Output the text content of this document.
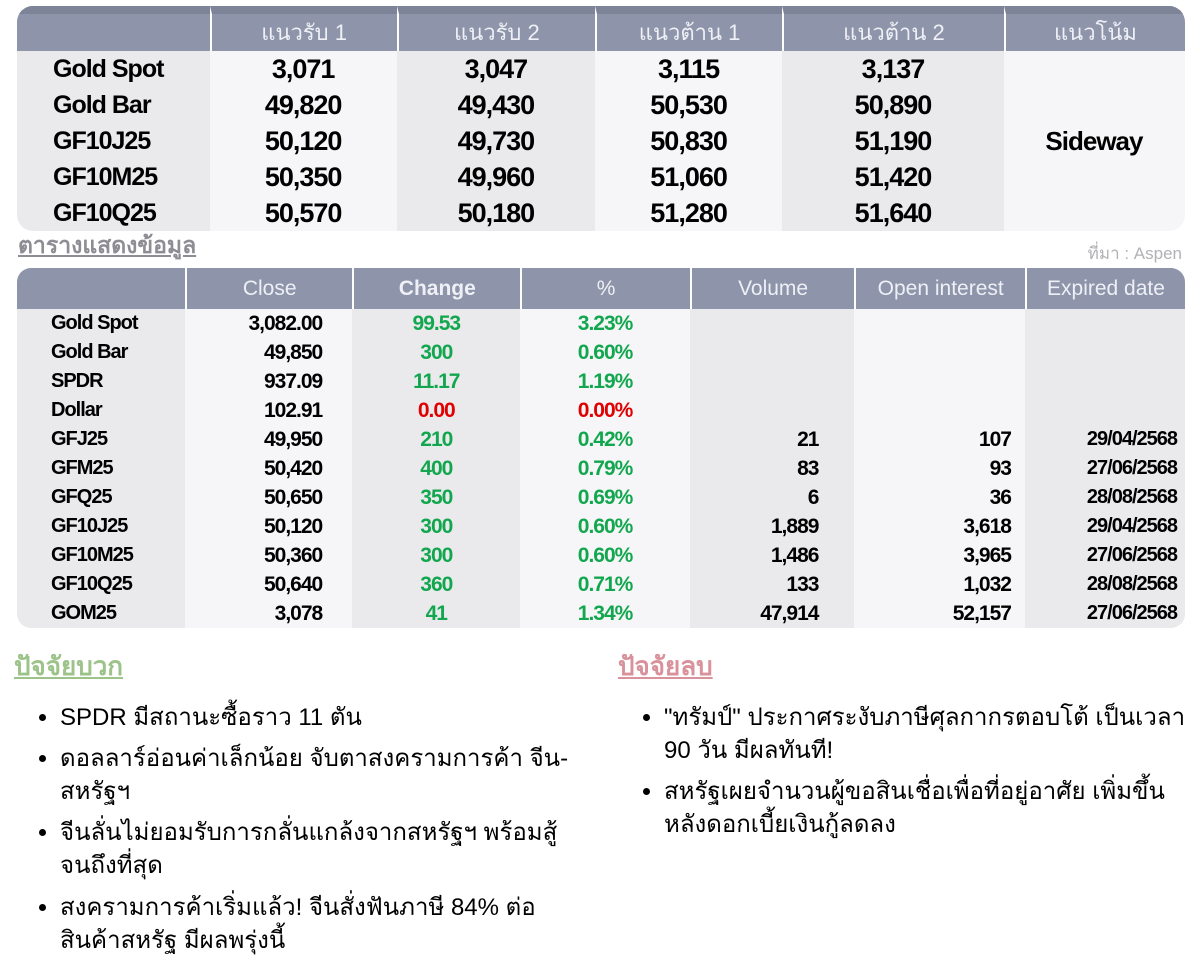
	แนวรับ 1	แนวรับ 2	แนวต้าน 1	แนวต้าน 2	แนวโน้ม
Gold Spot	3,071	3,047	3,115	3,137	Sideway
Gold Bar	49,820	49,430	50,530	50,890	
GF10J25	50,120	49,730	50,830	51,190	
GF10M25	50,350	49,960	51,060	51,420	
GF10Q25	50,570	50,180	51,280	51,640	
ตารางแสดงข้อมูล	ที่มา : Aspen
	Close	Change	%	Volume	Open interest	Expired date
Gold Spot	3,082.00	99.53	3.23%			
Gold Bar	49,850	300	0.60%			
SPDR	937.09	11.17	1.19%			
Dollar	102.91	0.00	0.00%			
GFJ25	49,950	210	0.42%	21	107	29/04/2568
GFM25	50,420	400	0.79%	83	93	27/06/2568
GFQ25	50,650	350	0.69%	6	36	28/08/2568
GF10J25	50,120	300	0.60%	1,889	3,618	29/04/2568
GF10M25	50,360	300	0.60%	1,486	3,965	27/06/2568
GF10Q25	50,640	360	0.71%	133	1,032	28/08/2568
GOM25	3,078	41	1.34%	47,914	52,157	27/06/2568
ปัจจัยบวก
• SPDR มีสถานะซื้อราว 11 ตัน
• ดอลลาร์อ่อนค่าเล็กน้อย จับตาสงครามการค้า จีน-สหรัฐฯ
• จีนลั่นไม่ยอมรับการกลั่นแกล้งจากสหรัฐฯ พร้อมสู้จนถึงที่สุด
• สงครามการค้าเริ่มแล้ว! จีนสั่งฟันภาษี 84% ต่อสินค้าสหรัฐ มีผลพรุ่งนี้
ปัจจัยลบ
• "ทรัมป์" ประกาศระงับภาษีศุลกากรตอบโต้ เป็นเวลา 90 วัน มีผลทันที!
• สหรัฐเผยจำนวนผู้ขอสินเชื่อเพื่อที่อยู่อาศัย เพิ่มขึ้น หลังดอกเบี้ยเงินกู้ลดลง
